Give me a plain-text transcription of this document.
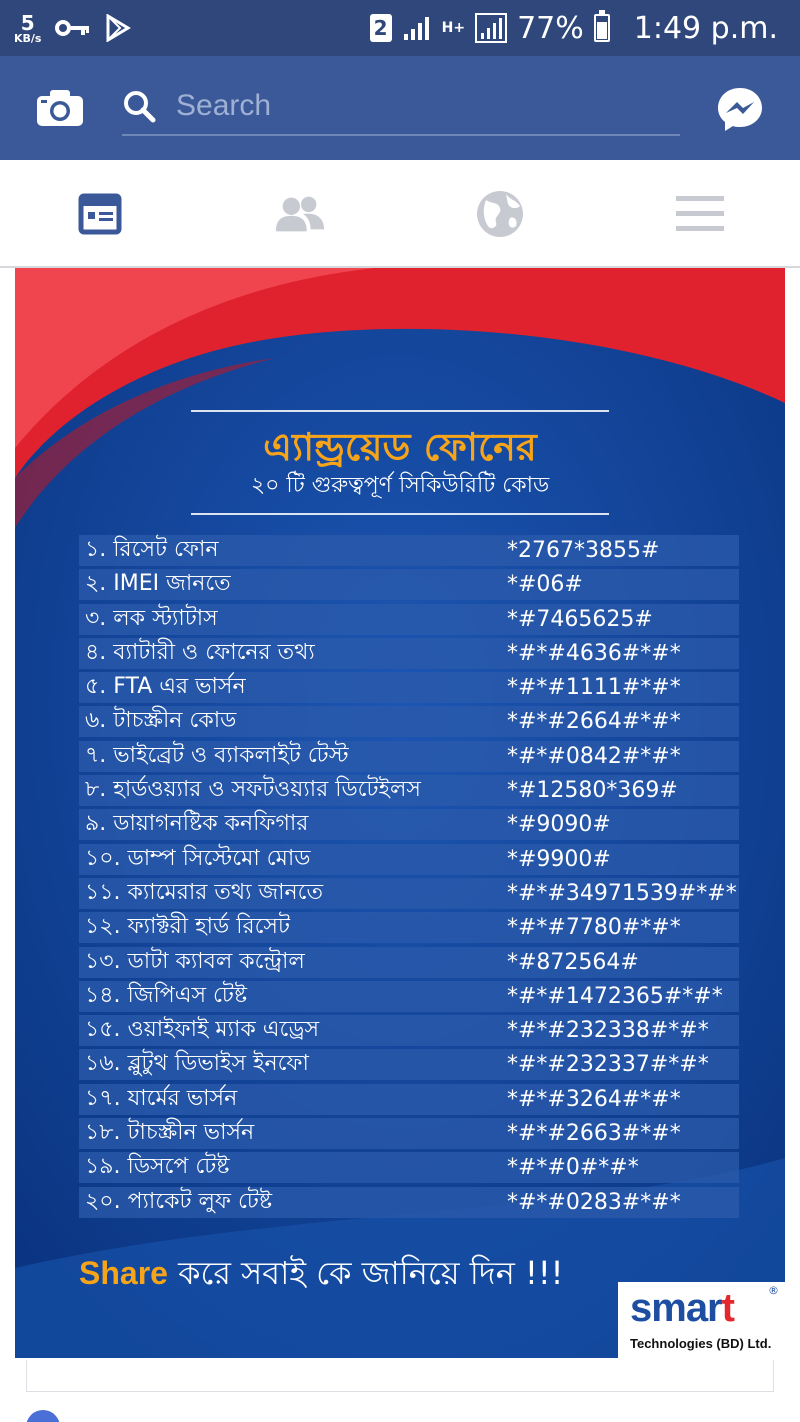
5
KB/s	2	H+ 77% 1:49 p.m.
Search
এ্যান্ড্রয়েড ফোনের
২০ টি গুরুত্বপূর্ণ সিকিউরিটি কোড
১. রিসেট ফোন	*2767*3855#
২. IMEI জানতে	*#06#
৩. লক স্ট্যাটাস	*#7465625#
৪. ব্যাটারী ও ফোনের তথ্য	*#*#4636#*#*
৫. FTA এর ভার্সন	*#*#1111#*#*
৬. টাচস্ক্রীন কোড	*#*#2664#*#*
৭. ভাইব্রেট ও ব্যাকলাইট টেস্ট	*#*#0842#*#*
৮. হার্ডওয়্যার ও সফটওয়্যার ডিটেইলস	*#12580*369#
৯. ডায়াগনষ্টিক কনফিগার	*#9090#
১০. ডাম্প সিস্টেমো মোড	*#9900#
১১. ক্যামেরার তথ্য জানতে	*#*#34971539#*#*
১২. ফ্যাক্টরী হার্ড রিসেট	*#*#7780#*#*
১৩. ডাটা ক্যাবল কন্ট্রোল	*#872564#
১৪. জিপিএস টেষ্ট	*#*#1472365#*#*
১৫. ওয়াইফাই ম্যাক এড্রেস	*#*#232338#*#*
১৬. ব্লুটুথ ডিভাইস ইনফো	*#*#232337#*#*
১৭. যার্মের ভার্সন	*#*#3264#*#*
১৮. টাচস্ক্রীন ভার্সন	*#*#2663#*#*
১৯. ডিসপে টেষ্ট	*#*#0#*#*
২০. প্যাকেট লুফ টেষ্ট	*#*#0283#*#*
Share করে সবাই কে জানিয়ে দিন !!!
smart	®
Technologies (BD) Ltd.
